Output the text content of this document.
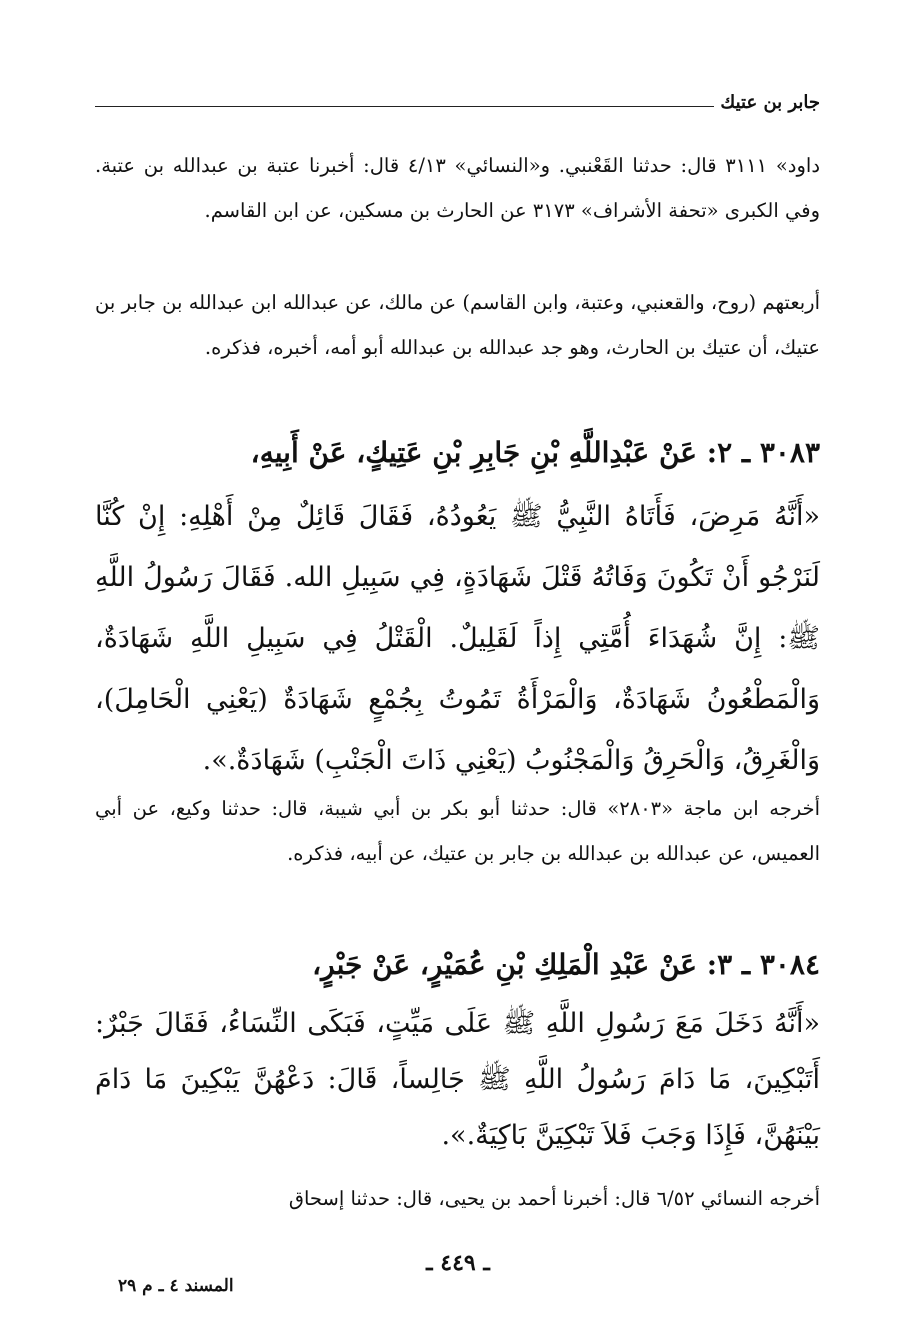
جابر بن عتيك

داود» ٣١١١ قال: حدثنا القَعْنبي. و«النسائي» ٤/١٣ قال: أخبرنا عتبة بن عبدالله بن عتبة. وفي الكبرى «تحفة الأشراف» ٣١٧٣ عن الحارث بن مسكين، عن ابن القاسم.

أربعتهم (روح، والقعنبي، وعتبة، وابن القاسم) عن مالك، عن عبدالله ابن عبدالله بن جابر بن عتيك، أن عتيك بن الحارث، وهو جد عبدالله بن عبدالله أبو أمه، أخبره، فذكره.

٣٠٨٣ ـ ٢: عَنْ عَبْدِاللَّهِ بْنِ جَابِرِ بْنِ عَتِيكٍ، عَنْ أَبِيهِ،

«أَنَّهُ مَرِضَ، فَأَتَاهُ النَّبِيُّ ﷺ يَعُودُهُ، فَقَالَ قَائِلٌ مِنْ أَهْلِهِ: إِنْ كُنَّا لَنَرْجُو أَنْ تَكُونَ وَفَاتُهُ قَتْلَ شَهَادَةٍ، فِي سَبِيلِ الله. فَقَالَ رَسُولُ اللَّهِ ﷺ: إِنَّ شُهَدَاءَ أُمَّتِي إِذاً لَقَلِيلٌ. الْقَتْلُ فِي سَبِيلِ اللَّهِ شَهَادَةٌ، وَالْمَطْعُونُ شَهَادَةٌ، وَالْمَرْأَةُ تَمُوتُ بِجُمْعٍ شَهَادَةٌ (يَعْنِي الْحَامِلَ)، وَالْغَرِقُ، وَالْحَرِقُ وَالْمَجْنُوبُ (يَعْنِي ذَاتَ الْجَنْبِ) شَهَادَةٌ.».

أخرجه ابن ماجة «٢٨٠٣» قال: حدثنا أبو بكر بن أبي شيبة، قال: حدثنا وكيع، عن أبي العميس، عن عبدالله بن عبدالله بن جابر بن عتيك، عن أبيه، فذكره.

٣٠٨٤ ـ ٣: عَنْ عَبْدِ الْمَلِكِ بْنِ عُمَيْرٍ، عَنْ جَبْرٍ،

«أَنَّهُ دَخَلَ مَعَ رَسُولِ اللَّهِ ﷺ عَلَى مَيِّتٍ، فَبَكَى النِّسَاءُ، فَقَالَ جَبْرٌ: أَتَبْكِينَ، مَا دَامَ رَسُولُ اللَّهِ ﷺ جَالِساً، قَالَ: دَعْهُنَّ يَبْكِينَ مَا دَامَ بَيْنَهُنَّ، فَإِذَا وَجَبَ فَلاَ تَبْكِيَنَّ بَاكِيَةٌ.».

أخرجه النسائي ٦/٥٢ قال: أخبرنا أحمد بن يحيى، قال: حدثنا إسحاق

ـ ٤٤٩ ـ
المسند ٤ ـ م ٢٩
